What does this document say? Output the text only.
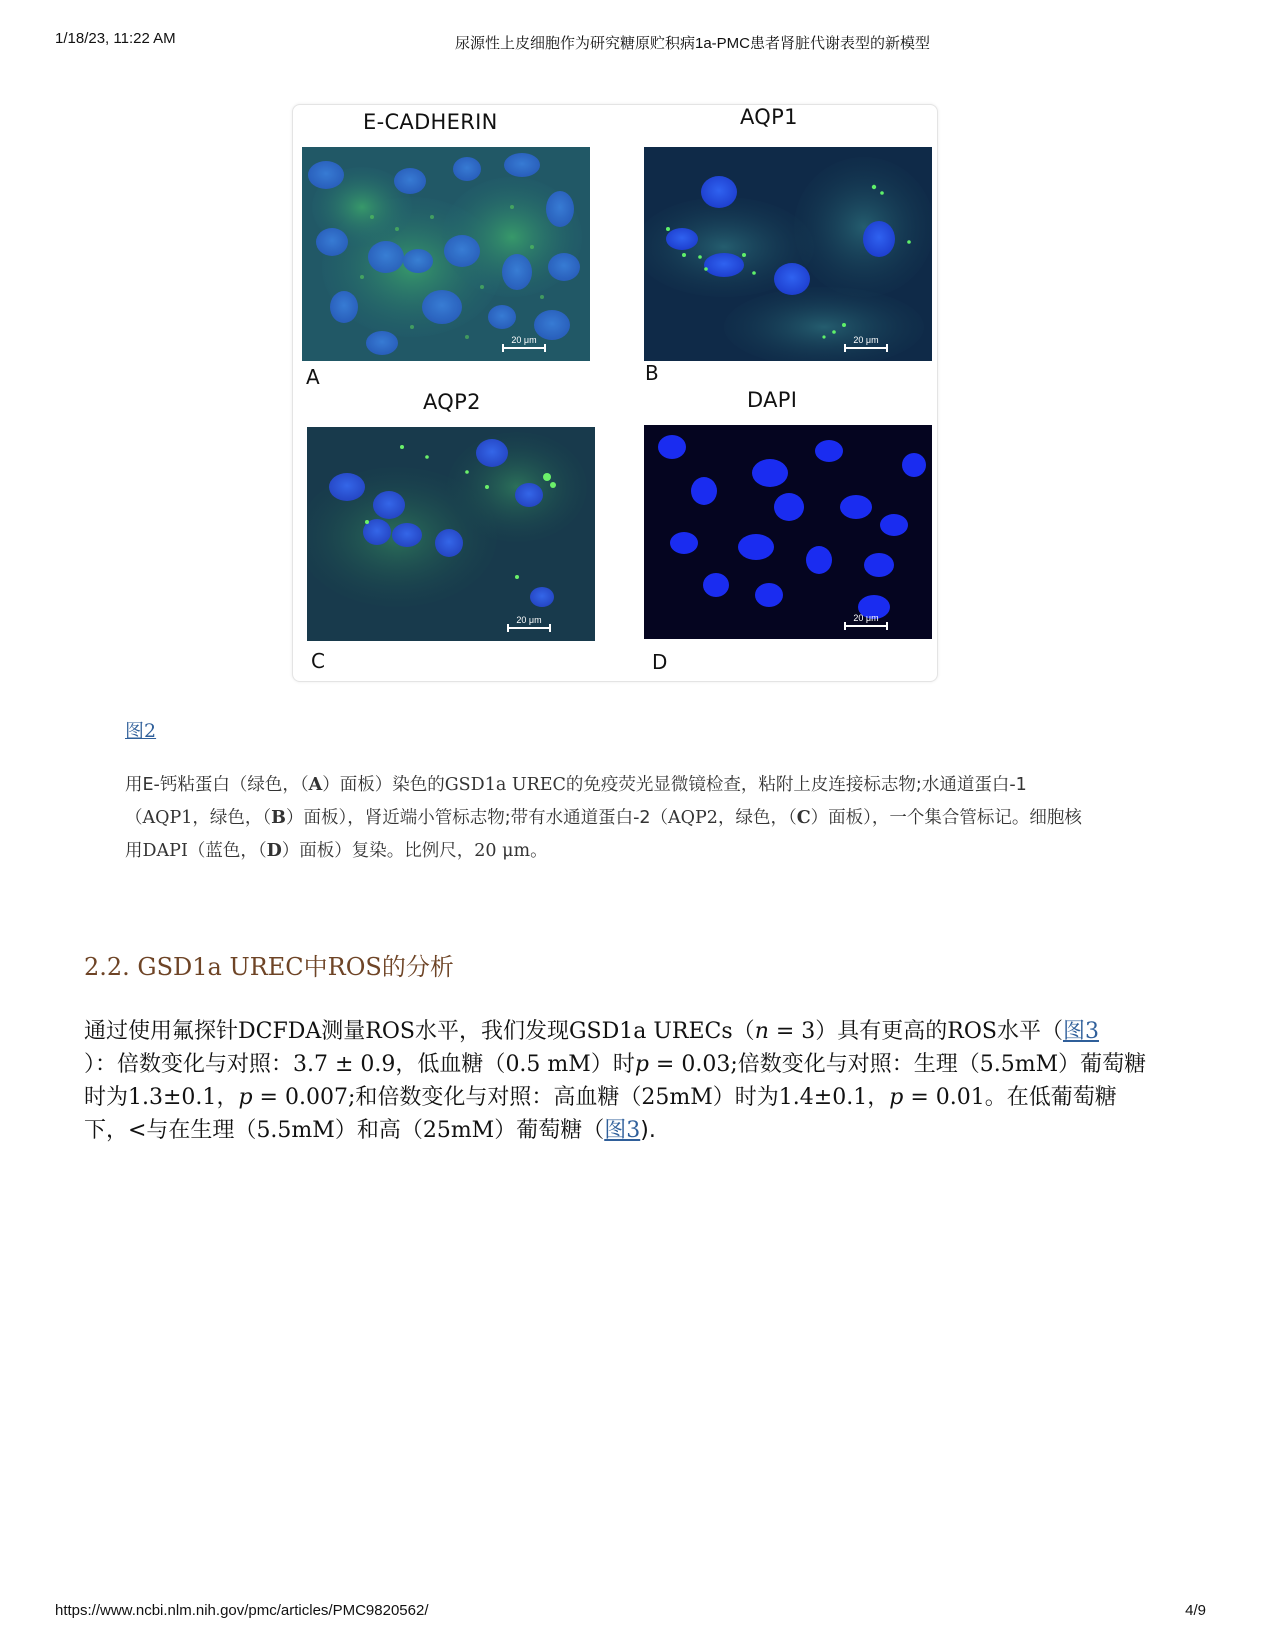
1/18/23, 11:22 AM	尿源性上皮细胞作为研究糖原贮积病1a-PMC患者肾脏代谢表型的新模型
E-CADHERIN	AQP1
AQP2	DAPI
20 μm
A
20 μm
B
20 μm
C
20 μm
D
图2
用E-钙粘蛋白（绿色，（A）面板）染色的GSD1a UREC的免疫荧光显微镜检查，粘附上皮连接标志物;水通道蛋白-1（AQP1，绿色，（B）面板），肾近端小管标志物;带有水通道蛋白-2（AQP2，绿色，（C）面板），一个集合管标记。细胞核用DAPI（蓝色，（D）面板）复染。比例尺，20 μm。
2.2. GSD1a UREC中ROS的分析
通过使用氟探针DCFDA测量ROS水平，我们发现GSD1a URECs（n = 3）具有更高的ROS水平（图3
）：倍数变化与对照：3.7 ± 0.9，低血糖（0.5 mM）时p = 0.03;倍数变化与对照：生理（5.5mM）葡萄糖时为1.3±0.1，p = 0.007;和倍数变化与对照：高血糖（25mM）时为1.4±0.1，p = 0.01。在低葡萄糖下，<与在生理（5.5mM）和高（25mM）葡萄糖（图3).
https://www.ncbi.nlm.nih.gov/pmc/articles/PMC9820562/	4/9
